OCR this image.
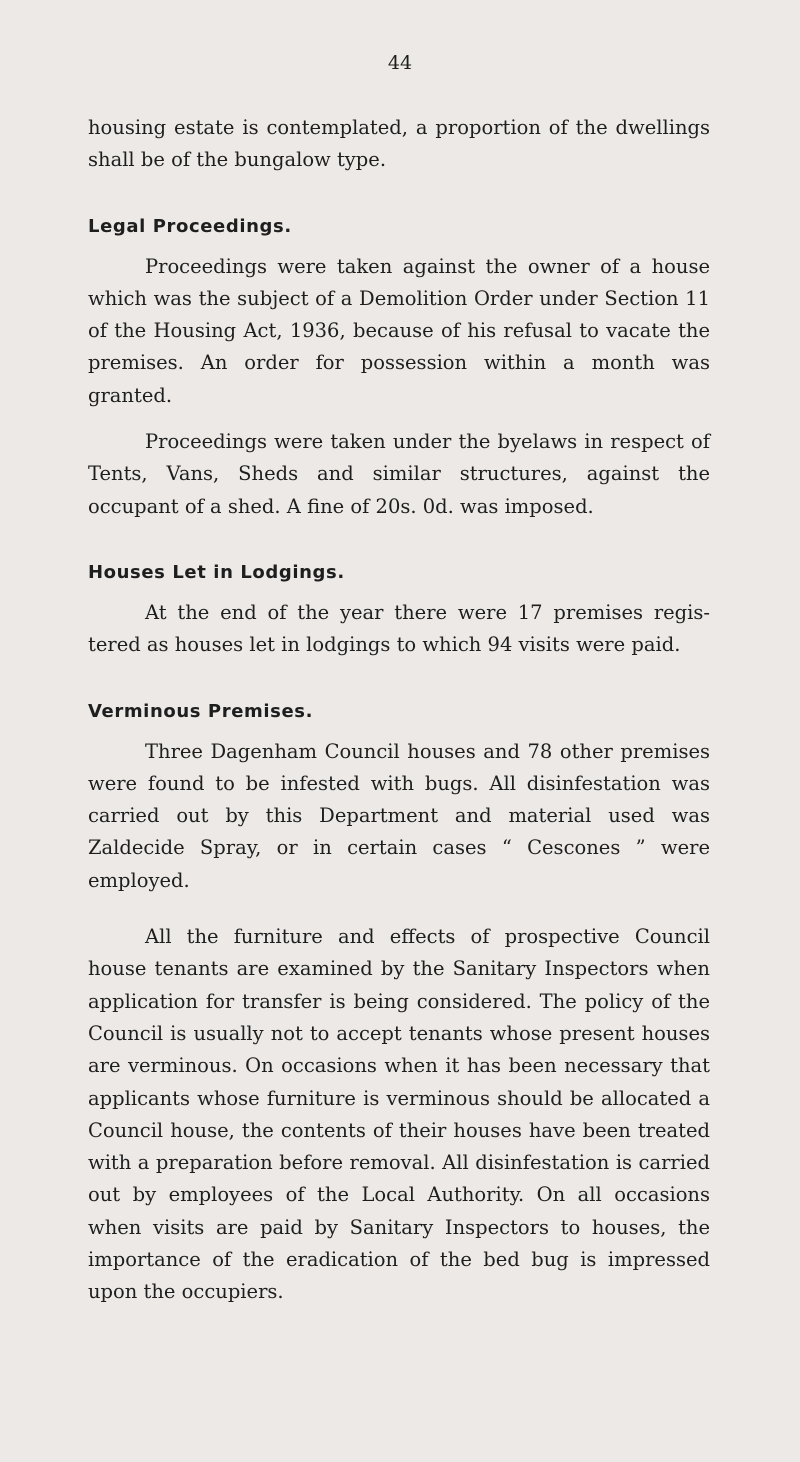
44

housing estate is contemplated, a proportion of the dwellings shall be of the bungalow type.

Legal Proceedings.

Proceedings were taken against the owner of a house which was the subject of a Demolition Order under Section 11 of the Housing Act, 1936, because of his refusal to vacate the premises. An order for possession within a month was granted.

Proceedings were taken under the byelaws in respect of Tents, Vans, Sheds and similar structures, against the occupant of a shed. A fine of 20s. 0d. was imposed.

Houses Let in Lodgings.

At the end of the year there were 17 premises regis- tered as houses let in lodgings to which 94 visits were paid.

Verminous Premises.

Three Dagenham Council houses and 78 other premises were found to be infested with bugs. All disinfestation was carried out by this Department and material used was Zaldecide Spray, or in certain cases “ Cescones ” were employed.

All the furniture and effects of prospective Council house tenants are examined by the Sanitary Inspectors when application for transfer is being considered. The policy of the Council is usually not to accept tenants whose present houses are verminous. On occasions when it has been necessary that applicants whose furniture is verminous should be allocated a Council house, the contents of their houses have been treated with a preparation before removal. All disinfestation is carried out by employees of the Local Authority. On all occasions when visits are paid by Sanitary Inspectors to houses, the importance of the eradication of the bed bug is impressed upon the occupiers.
